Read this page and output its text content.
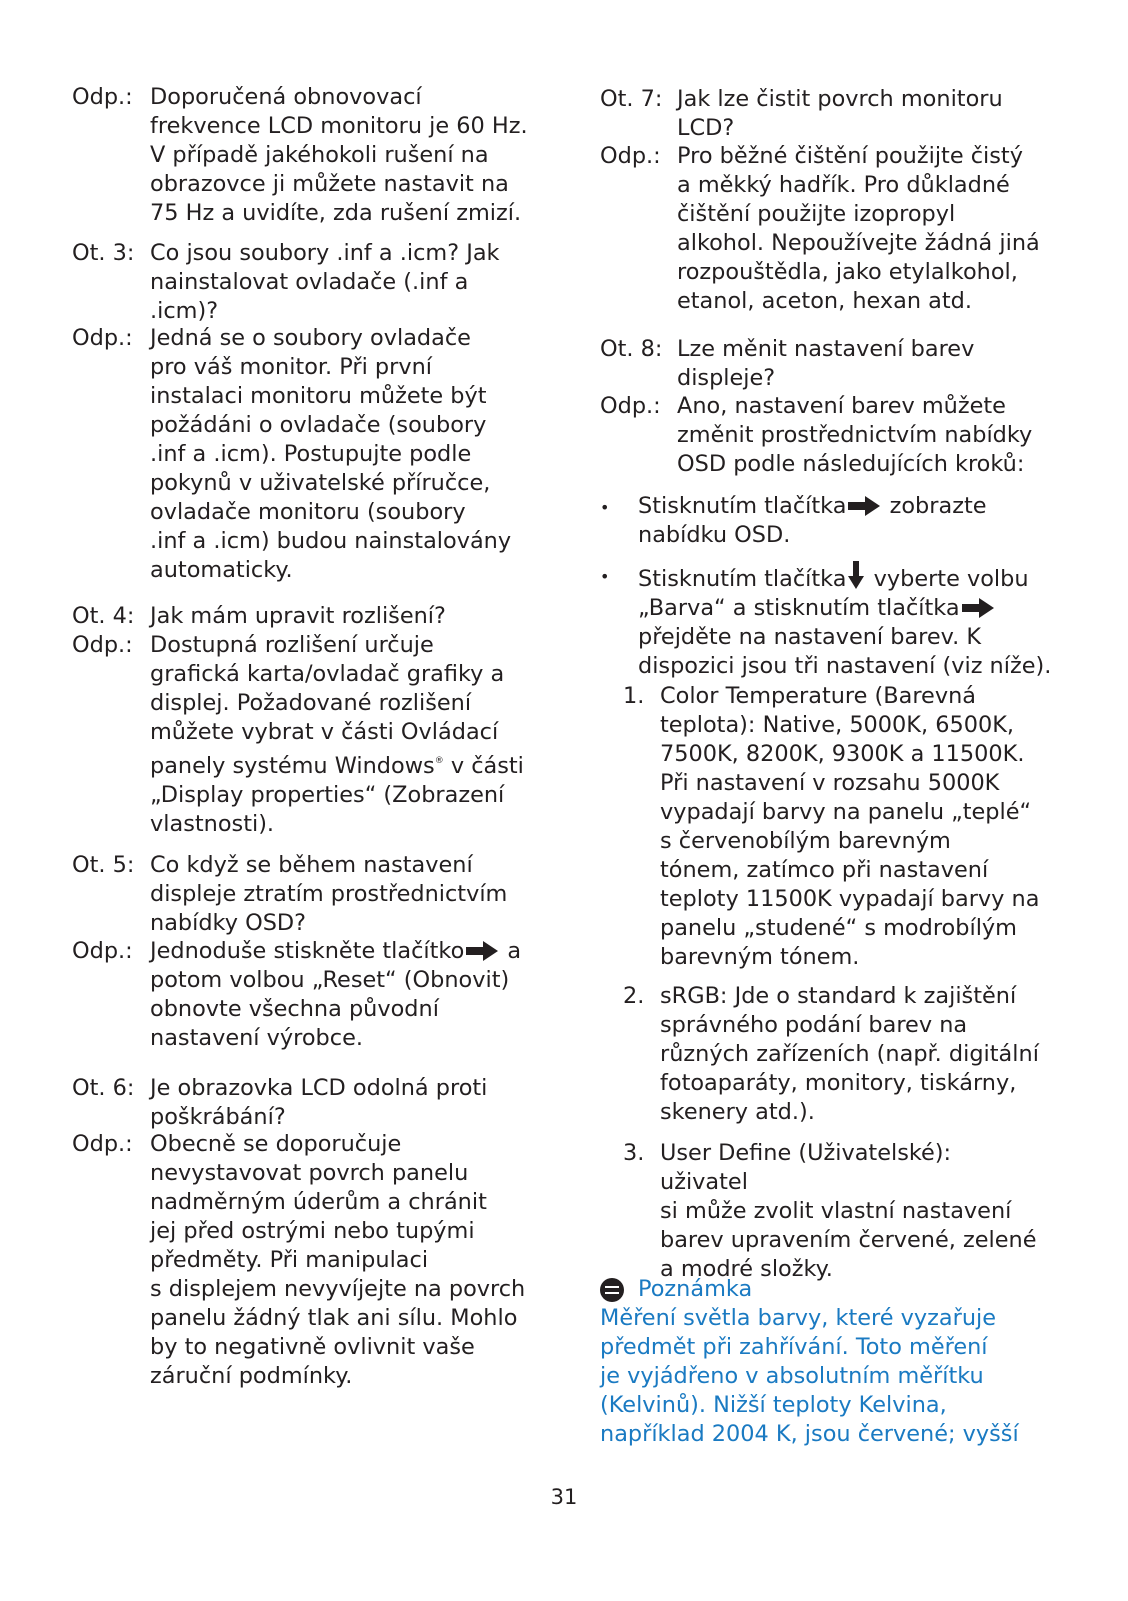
Odp.: Doporučená obnovovací
frekvence LCD monitoru je 60 Hz.
V případě jakéhokoli rušení na
obrazovce ji můžete nastavit na
75 Hz a uvidíte, zda rušení zmizí.
Ot. 3: Co jsou soubory .inf a .icm? Jak
nainstalovat ovladače (.inf a
.icm)?
Odp.: Jedná se o soubory ovladače
pro váš monitor. Při první
instalaci monitoru můžete být
požádáni o ovladače (soubory
.inf a .icm). Postupujte podle
pokynů v uživatelské příručce,
ovladače monitoru (soubory
.inf a .icm) budou nainstalovány
automaticky.
Ot. 4: Jak mám upravit rozlišení?
Odp.: Dostupná rozlišení určuje
grafická karta/ovladač grafiky a
displej. Požadované rozlišení
můžete vybrat v části Ovládací
panely systému Windows® v části
„Display properties“ (Zobrazení
vlastnosti).
Ot. 5: Co když se během nastavení
displeje ztratím prostřednictvím
nabídky OSD?
Odp.: Jednoduše stiskněte tlačítko a
potom volbou „Reset“ (Obnovit)
obnovte všechna původní
nastavení výrobce.
Ot. 6: Je obrazovka LCD odolná proti
poškrábání?
Odp.: Obecně se doporučuje
nevystavovat povrch panelu
nadměrným úderům a chránit
jej před ostrými nebo tupými
předměty. Při manipulaci
s displejem nevyvíjejte na povrch
panelu žádný tlak ani sílu. Mohlo
by to negativně ovlivnit vaše
záruční podmínky.
Ot. 7: Jak lze čistit povrch monitoru
LCD?
Odp.: Pro běžné čištění použijte čistý
a měkký hadřík. Pro důkladné
čištění použijte izopropyl
alkohol. Nepoužívejte žádná jiná
rozpouštědla, jako etylalkohol,
etanol, aceton, hexan atd.
Ot. 8: Lze měnit nastavení barev
displeje?
Odp.: Ano, nastavení barev můžete
změnit prostřednictvím nabídky
OSD podle následujících kroků:
•	Stisknutím tlačítka zobrazte
nabídku OSD.
•	Stisknutím tlačítka vyberte volbu
„Barva“ a stisknutím tlačítka
přejděte na nastavení barev. K
dispozici jsou tři nastavení (viz níže).
1. Color Temperature (Barevná
teplota): Native, 5000K, 6500K,
7500K, 8200K, 9300K a 11500K.
Při nastavení v rozsahu 5000K
vypadají barvy na panelu „teplé“
s červenobílým barevným
tónem, zatímco při nastavení
teploty 11500K vypadají barvy na
panelu „studené“ s modrobílým
barevným tónem.
2. sRGB: Jde o standard k zajištění
správného podání barev na
různých zařízeních (např. digitální
fotoaparáty, monitory, tiskárny,
skenery atd.).
3. User Define (Uživatelské): uživatel
si může zvolit vlastní nastavení
barev upravením červené, zelené
a modré složky.
Poznámka
Měření světla barvy, které vyzařuje
předmět při zahřívání. Toto měření
je vyjádřeno v absolutním měřítku
(Kelvinů). Nižší teploty Kelvina,
například 2004 K, jsou červené; vyšší
31
